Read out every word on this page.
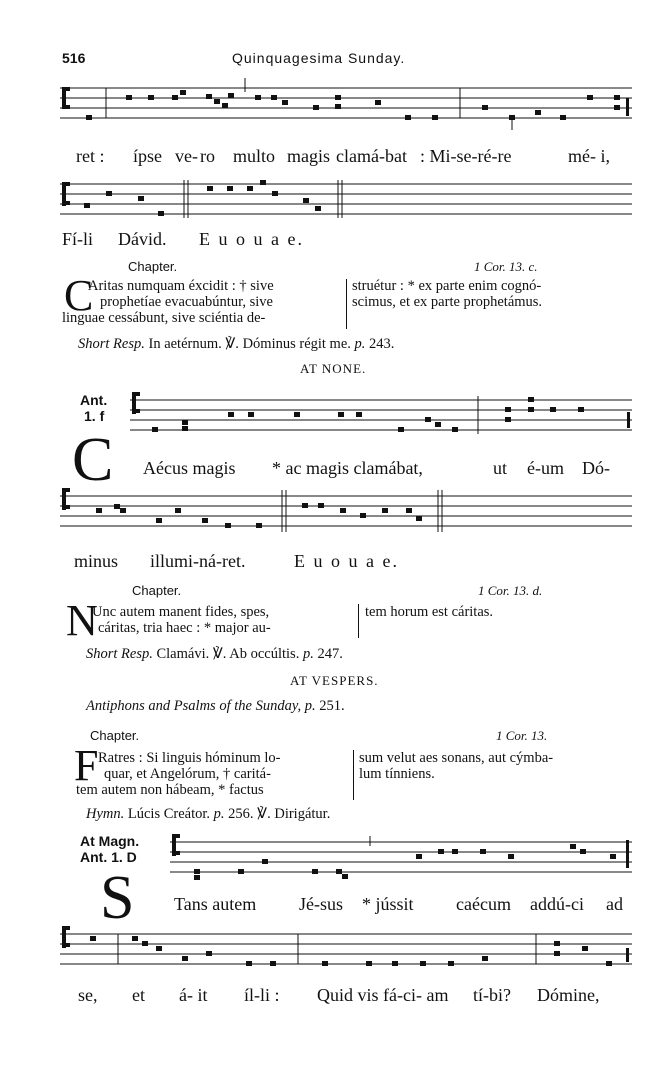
516	Quinquagesima Sunday.
ret : ípse ve- ro multo magis clamá-bat : Mi-se-ré-re	mé- i,
Fí-li Dávid. E u o u a e.
Chapter.	1 Cor. 13. c.
C
Aritas numquam éxcidit : † sive
prophetíae evacuabúntur, sive
linguae cessábunt, sive sciéntia de-
struétur : * ex parte enim cognó-
scimus, et ex parte prophetámus.
Short Resp. In aetérnum. ℣. Dóminus régit me. p. 243.
AT NONE.
Ant.
1. f
C Aécus magis * ac magis clamábat,	ut é-um Dó-
minus illumi-ná-ret.	E u o u a e.
Chapter.	1 Cor. 13. d.
N
Unc autem manent fides, spes,
cáritas, tria haec : * major au-
tem horum est cáritas.
Short Resp. Clamávi. ℣. Ab occúltis. p. 247.
AT VESPERS.
Antiphons and Psalms of the Sunday, p. 251.
Chapter.	1 Cor. 13.
F Ratres : Si linguis hóminum lo-
quar, et Angelórum, † caritá-
tem autem non hábeam, * factus
sum velut aes sonans, aut cýmba-
lum tínniens.
Hymn. Lúcis Creátor. p. 256. ℣. Dirigátur.
At Magn.
Ant. 1. D
S Tans autem Jé-sus * jússit caécum addú-ci ad
se, et á- it íl-li : Quid vis fá-ci- am tí-bi? Dómine,
